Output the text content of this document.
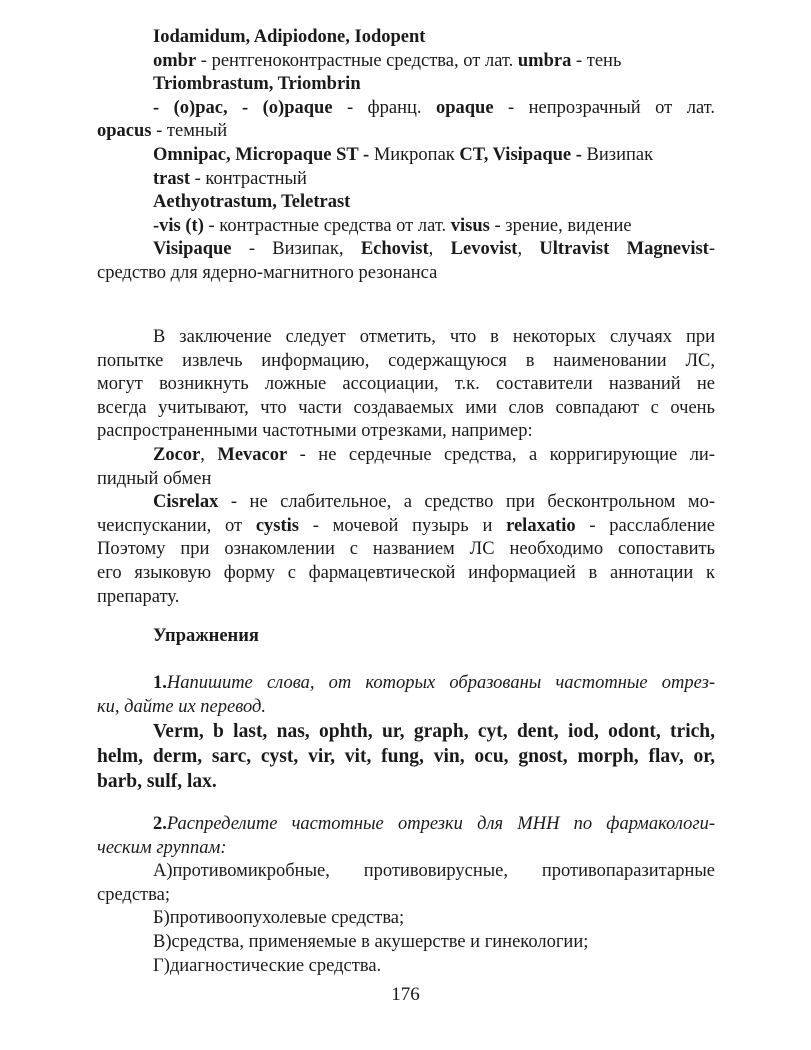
Iodamidum, Adipiodone, Iodopent
ombr - рентгеноконтрастные средства, от лат. umbra - тень
Triombrastum, Triombrin
- (o)pac, - (o)paque - франц. opaque - непрозрачный от лат.
opacus - темный
Omnipac, Micropaque ST - Микропак CT, Visipaque - Визипак
trast - контрастный
Aethyotrastum, Teletrast
-vis (t) - контрастные средства от лат. visus - зрение, видение
Visipaque - Визипак, Echovist, Levovist, Ultravist Magnevist-
средство для ядерно-магнитного резонанса
В заключение следует отметить, что в некоторых случаях при
попытке извлечь информацию, содержащуюся в наименовании ЛС,
могут возникнуть ложные ассоциации, т.к. составители названий не
всегда учитывают, что части создаваемых ими слов совпадают с очень
распространенными частотными отрезками, например:
Zocor, Mevacor - не сердечные средства, а корригирующие ли-
пидный обмен
Cisrelax - не слабительное, а средство при бесконтрольном мо-
чеиспускании, от cystis - мочевой пузырь и relaxatio - расслабление
Поэтому при ознакомлении с названием ЛС необходимо сопоставить
его языковую форму с фармацевтической информацией в аннотации к
препарату.
Упражнения
1.Напишите слова, от которых образованы частотные отрез-
ки, дайте их перевод.
Verm, b last, nas, ophth, ur, graph, cyt, dent, iod, odont, trich,
helm, derm, sarc, cyst, vir, vit, fung, vin, ocu, gnost, morph, flav, or,
barb, sulf, lax.
2.Распределите частотные отрезки для МНН по фармакологи-
ческим группам:
А)противомикробные, противовирусные, противопаразитарные
средства;
Б)противоопухолевые средства;
В)средства, применяемые в акушерстве и гинекологии;
Г)диагностические средства.
176
